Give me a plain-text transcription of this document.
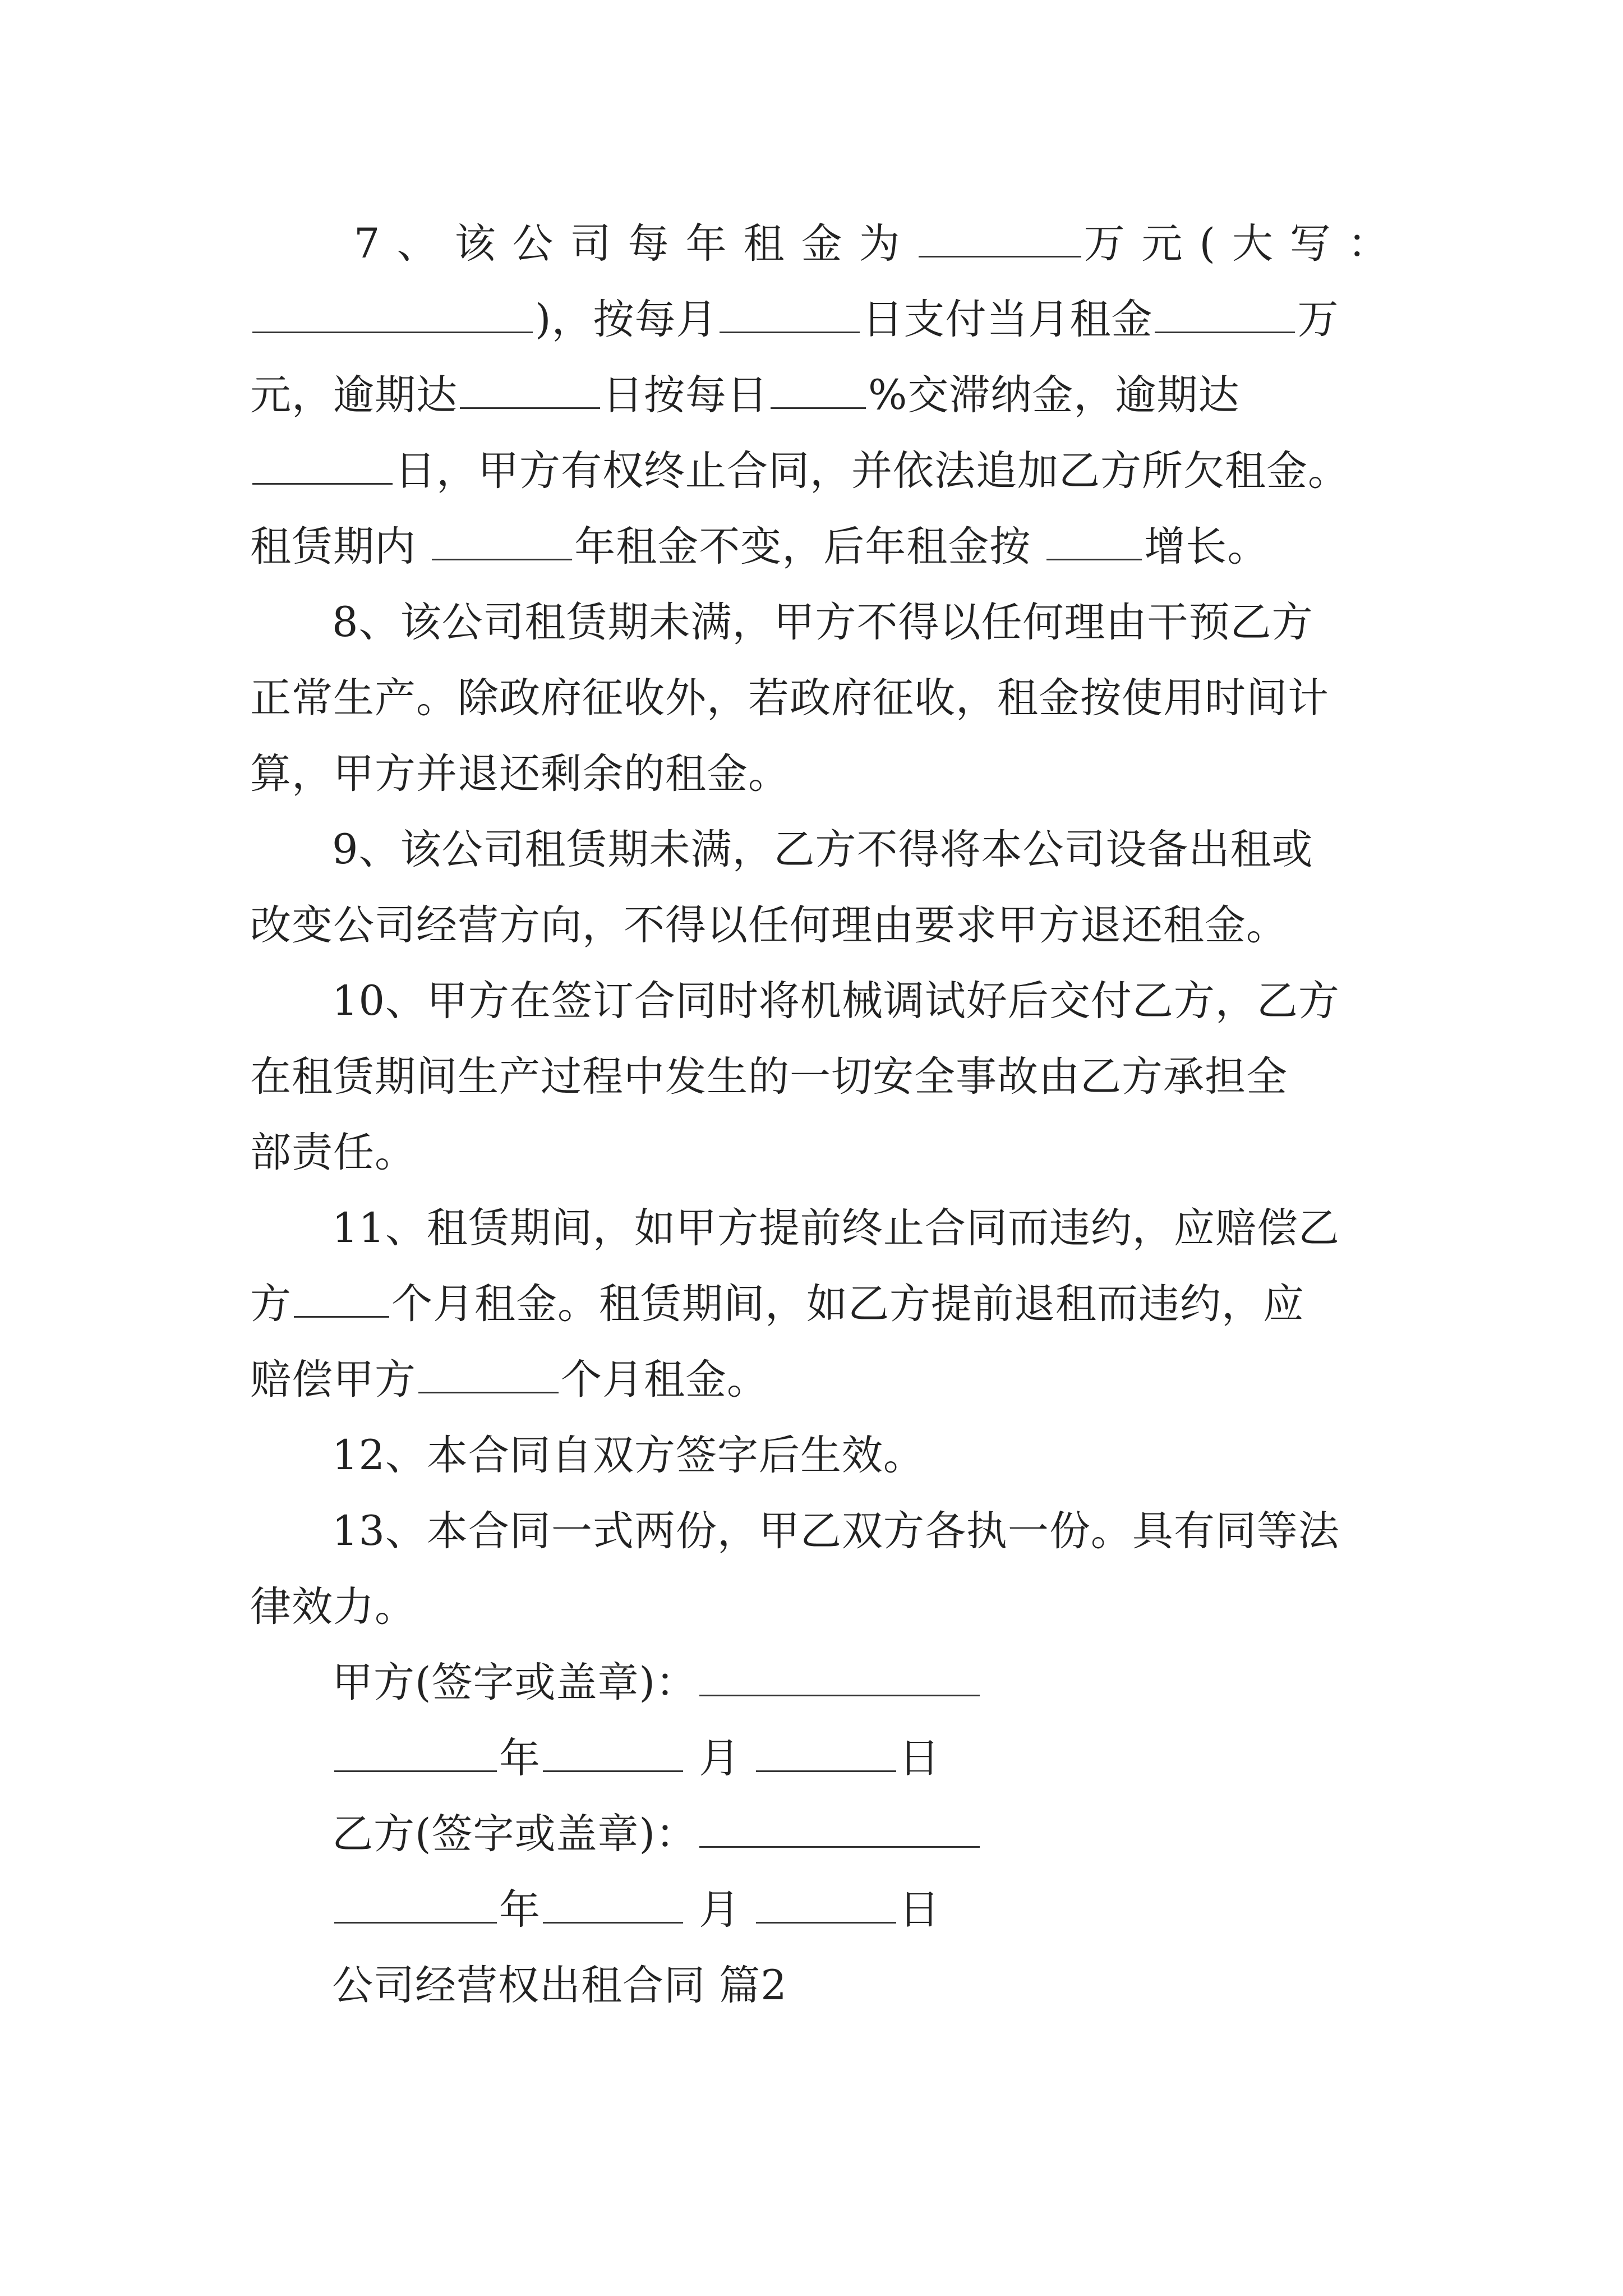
7、该公司每年租金为	万元(大写：
)，按每月	日支付当月租金	万
元，逾期达	日按每日 %交滞纳金，逾期达
日，甲方有权终止合同，并依法追加乙方所欠租金。
租赁期内	年租金不变，后年租金按	增长。
8、该公司租赁期未满，甲方不得以任何理由干预乙方
正常生产。除政府征收外，若政府征收，租金按使用时间计
算，甲方并退还剩余的租金。
9、该公司租赁期未满，乙方不得将本公司设备出租或
改变公司经营方向，不得以任何理由要求甲方退还租金。
10、甲方在签订合同时将机械调试好后交付乙方，乙方
在租赁期间生产过程中发生的一切安全事故由乙方承担全
部责任。
11、租赁期间，如甲方提前终止合同而违约，应赔偿乙
方 个月租金。租赁期间，如乙方提前退租而违约，应
赔偿甲方	个月租金。
12、本合同自双方签字后生效。
13、本合同一式两份，甲乙双方各执一份。具有同等法
律效力。
甲方(签字或盖章)：
年	月	日
乙方(签字或盖章)：
年	月	日
公司经营权出租合同 篇2
